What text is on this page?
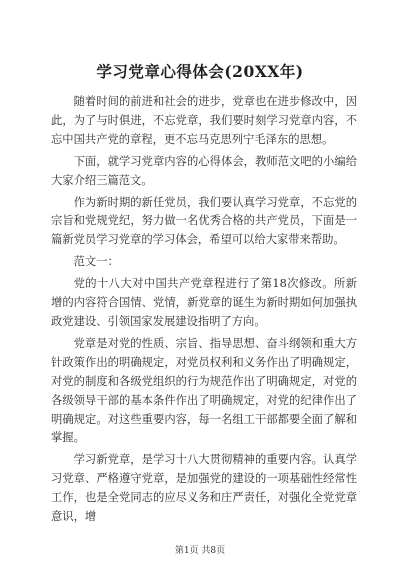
学习党章心得体会(20XX年)

随着时间的前进和社会的进步，党章也在进步修改中，因此，为了与时俱进，不忘党章，我们要时刻学习党章内容，不忘中国共产党的章程，更不忘马克思列宁毛泽东的思想。

下面，就学习党章内容的心得体会，教师范文吧的小编给大家介绍三篇范文。

作为新时期的新任党员，我们要认真学习党章，不忘党的宗旨和党规党纪，努力做一名优秀合格的共产党员，下面是一篇新党员学习党章的学习体会，希望可以给大家带来帮助。

范文一：

党的十八大对中国共产党章程进行了第18次修改。所新增的内容符合国情、党情，新党章的诞生为新时期如何加强执政党建设、引领国家发展建设指明了方向。

党章是对党的性质、宗旨、指导思想、奋斗纲领和重大方针政策作出的明确规定，对党员权利和义务作出了明确规定，对党的制度和各级党组织的行为规范作出了明确规定，对党的各级领导干部的基本条件作出了明确规定，对党的纪律作出了明确规定。对这些重要内容，每一名组工干部都要全面了解和掌握。

学习新党章，是学习十八大贯彻精神的重要内容。认真学习党章、严格遵守党章，是加强党的建设的一项基础性经常性工作，也是全党同志的应尽义务和庄严责任，对强化全党党章意识，增

第1页 共8页
